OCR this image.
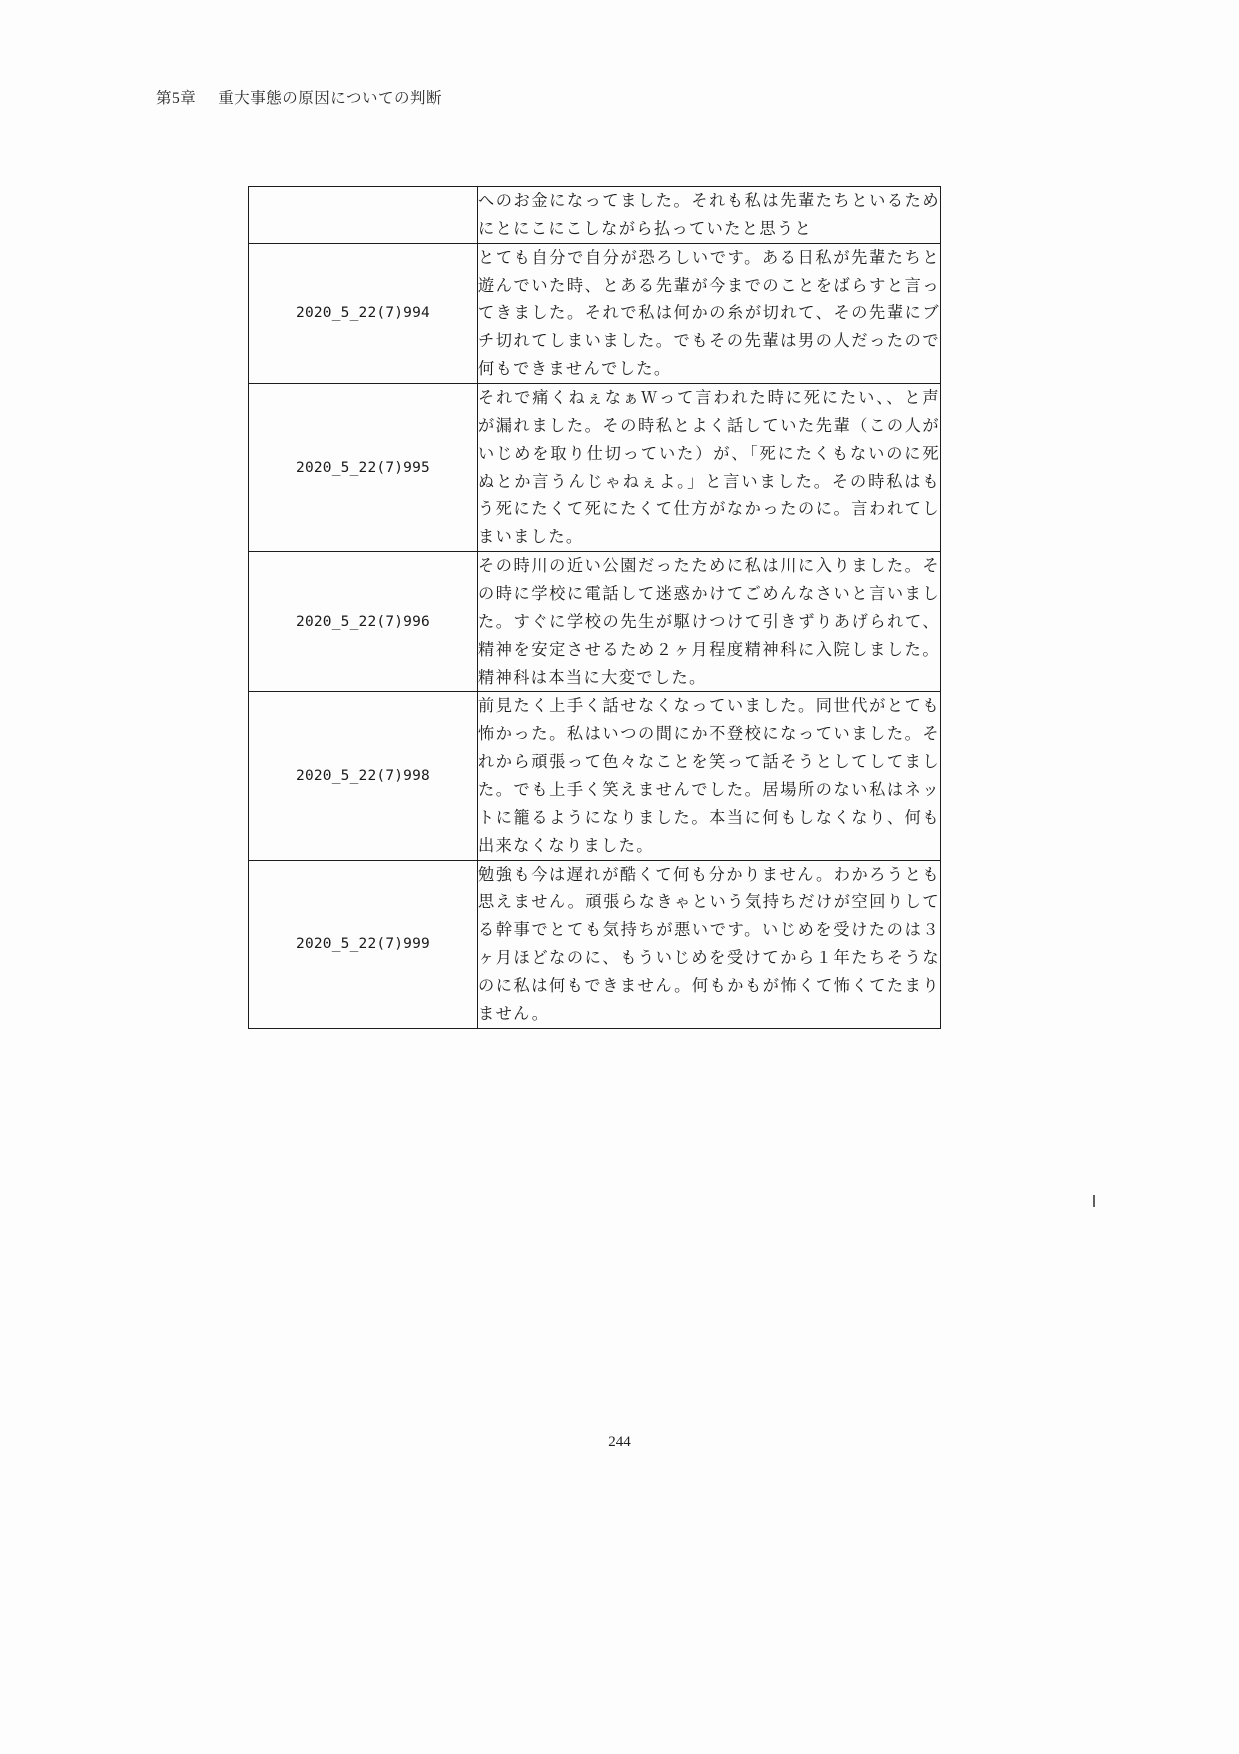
第5章 重大事態の原因についての判断

	へのお金になってました。それも私は先輩たちといるためにとにこにこしながら払っていたと思うと

2020_5_22(7)994	とても自分で自分が恐ろしいです。ある日私が先輩たちと遊んでいた時、とある先輩が今までのことをばらすと言ってきました。それで私は何かの糸が切れて、その先輩にブチ切れてしまいました。でもその先輩は男の人だったので何もできませんでした。

2020_5_22(7)995	それで痛くねぇなぁＷって言われた時に死にたい、、と声が漏れました。その時私とよく話していた先輩（この人がいじめを取り仕切っていた）が、「死にたくもないのに死ぬとか言うんじゃねぇよ。」と言いました。その時私はもう死にたくて死にたくて仕方がなかったのに。言われてしまいました。

2020_5_22(7)996	その時川の近い公園だったために私は川に入りました。その時に学校に電話して迷惑かけてごめんなさいと言いました。すぐに学校の先生が駆けつけて引きずりあげられて、精神を安定させるため２ヶ月程度精神科に入院しました。精神科は本当に大変でした。

2020_5_22(7)998	前見たく上手く話せなくなっていました。同世代がとても怖かった。私はいつの間にか不登校になっていました。それから頑張って色々なことを笑って話そうとしてしてました。でも上手く笑えませんでした。居場所のない私はネットに籠るようになりました。本当に何もしなくなり、何も出来なくなりました。

2020_5_22(7)999	勉強も今は遅れが酷くて何も分かりません。わかろうとも思えません。頑張らなきゃという気持ちだけが空回りしてる幹事でとても気持ちが悪いです。いじめを受けたのは３ヶ月ほどなのに、もういじめを受けてから１年たちそうなのに私は何もできません。何もかもが怖くて怖くてたまりません。
244
